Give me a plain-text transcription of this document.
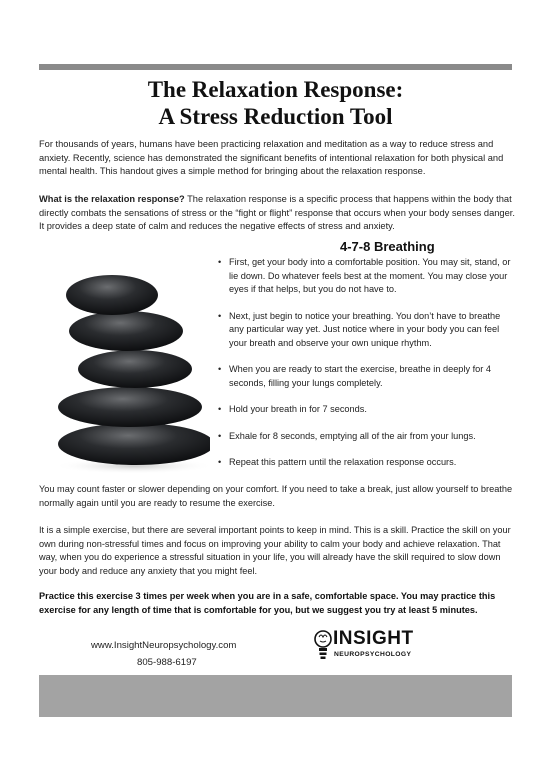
The Relaxation Response:
A Stress Reduction Tool

For thousands of years, humans have been practicing relaxation and meditation as a way to reduce stress and anxiety. Recently, science has demonstrated the significant benefits of intentional relaxation for both physical and mental health. This handout gives a simple method for bringing about the relaxation response.

What is the relaxation response? The relaxation response is a specific process that happens within the body that directly combats the sensations of stress or the “fight or flight” response that occurs when your body senses danger. It provides a deep state of calm and reduces the negative effects of stress and anxiety.

4-7-8 Breathing
• First, get your body into a comfortable position. You may sit, stand, or lie down. Do whatever feels best at the moment. You may close your eyes if that helps, but you do not have to.
• Next, just begin to notice your breathing. You don’t have to breathe any particular way yet. Just notice where in your body you can feel your breath and observe your own unique rhythm.
• When you are ready to start the exercise, breathe in deeply for 4 seconds, filling your lungs completely.
• Hold your breath in for 7 seconds.
• Exhale for 8 seconds, emptying all of the air from your lungs.
• Repeat this pattern until the relaxation response occurs.

You may count faster or slower depending on your comfort. If you need to take a break, just allow yourself to breathe normally again until you are ready to resume the exercise.

It is a simple exercise, but there are several important points to keep in mind. This is a skill. Practice the skill on your own during non-stressful times and focus on improving your ability to calm your body and achieve relaxation. That way, when you do experience a stressful situation in your life, you will already have the skill required to slow down your body and reduce any anxiety that you might feel.

Practice this exercise 3 times per week when you are in a safe, comfortable space. You may practice this exercise for any length of time that is comfortable for you, but we suggest you try at least 5 minutes.

www.InsightNeuropsychology.com
805-988-6197
INSIGHT
NEUROPSYCHOLOGY
